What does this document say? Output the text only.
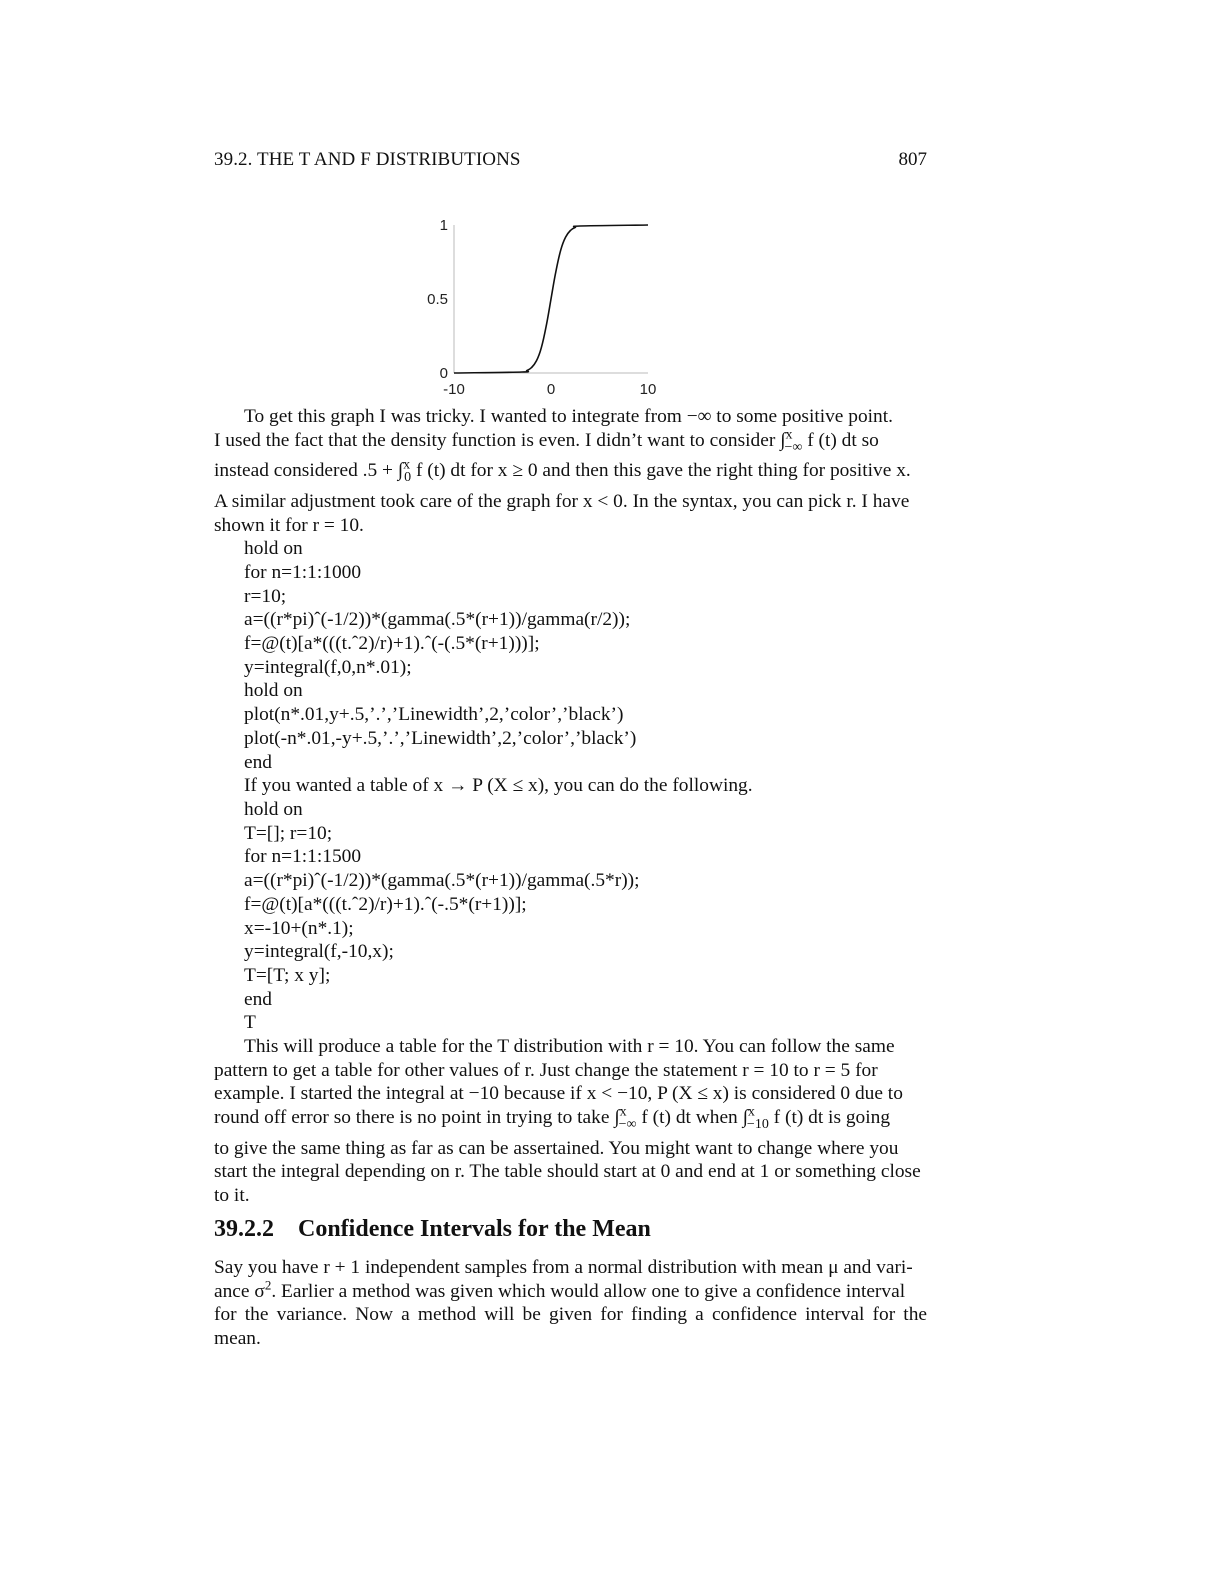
39.2. THE T AND F DISTRIBUTIONS	807
-10	0	10
0
0.5
1
To get this graph I was tricky. I wanted to integrate from −∞ to some positive point.
I used the fact that the density function is even. I didn’t want to consider ∫$^x_{-\infty}$ f (t) dt so
instead considered .5 + ∫$^x_0$ f (t) dt for x ≥ 0 and then this gave the right thing for positive x.
A similar adjustment took care of the graph for x < 0. In the syntax, you can pick r. I have
shown it for r = 10.
hold on
for n=1:1:1000
r=10;
a=((r*pi)ˆ(-1/2))*(gamma(.5*(r+1))/gamma(r/2));
f=@(t)[a*(((t.ˆ2)/r)+1).ˆ(-(.5*(r+1)))];
y=integral(f,0,n*.01);
hold on
plot(n*.01,y+.5,’.’,’Linewidth’,2,’color’,’black’)
plot(-n*.01,-y+.5,’.’,’Linewidth’,2,’color’,’black’)
end
If you wanted a table of x → P (X ≤ x), you can do the following.
hold on
T=[]; r=10;
for n=1:1:1500
a=((r*pi)ˆ(-1/2))*(gamma(.5*(r+1))/gamma(.5*r));
f=@(t)[a*(((t.ˆ2)/r)+1).ˆ(-.5*(r+1))];
x=-10+(n*.1);
y=integral(f,-10,x);
T=[T; x y];
end
T
This will produce a table for the T distribution with r = 10. You can follow the same
pattern to get a table for other values of r. Just change the statement r = 10 to r = 5 for
example. I started the integral at −10 because if x < −10, P (X ≤ x) is considered 0 due to
round off error so there is no point in trying to take ∫$^x_{-\infty}$ f (t) dt when ∫$^x_{-10}$ f (t) dt is going
to give the same thing as far as can be assertained. You might want to change where you
start the integral depending on r. The table should start at 0 and end at 1 or something close
to it.
39.2.2 Confidence Intervals for the Mean
Say you have r + 1 independent samples from a normal distribution with mean μ and vari-
ance $\sigma^2$. Earlier a method was given which would allow one to give a confidence interval
for the variance. Now a method will be given for finding a confidence interval for the mean.
